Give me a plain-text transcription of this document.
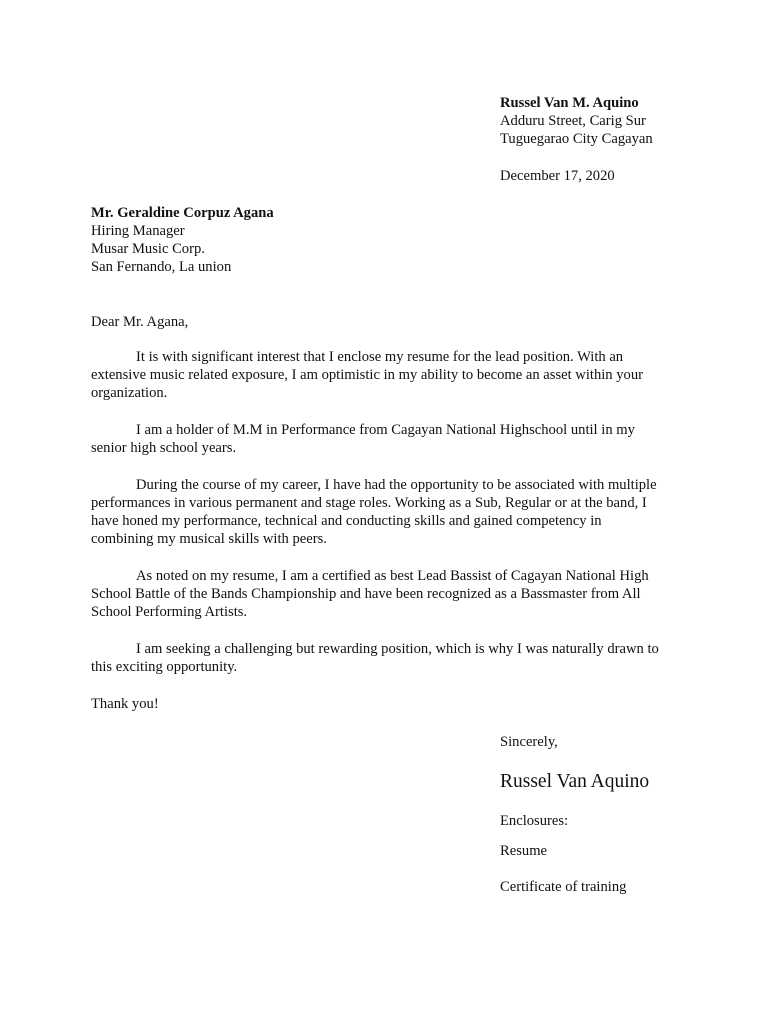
Russel Van M. Aquino
Adduru Street, Carig Sur
Tuguegarao City Cagayan
December 17, 2020
Mr. Geraldine Corpuz Agana
Hiring Manager
Musar Music Corp.
San Fernando, La union
Dear Mr. Agana,
It is with significant interest that I enclose my resume for the lead position. With an
extensive music related exposure, I am optimistic in my ability to become an asset within your
organization.
I am a holder of M.M in Performance from Cagayan National Highschool until in my
senior high school years.
During the course of my career, I have had the opportunity to be associated with multiple
performances in various permanent and stage roles. Working as a Sub, Regular or at the band, I
have honed my performance, technical and conducting skills and gained competency in
combining my musical skills with peers.
As noted on my resume, I am a certified as best Lead Bassist of Cagayan National High
School Battle of the Bands Championship and have been recognized as a Bassmaster from All
School Performing Artists.
I am seeking a challenging but rewarding position, which is why I was naturally drawn to
this exciting opportunity.
Thank you!
Sincerely,
Russel Van Aquino
Enclosures:
Resume
Certificate of training
